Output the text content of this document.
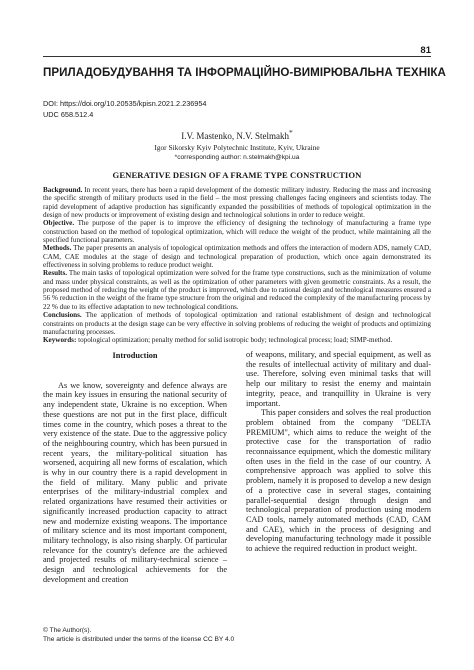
81
ПРИЛАДОБУДУВАННЯ ТА ІНФОРМАЦІЙНО-ВИМІРЮВАЛЬНА ТЕХНІКА
DOI: https://doi.org/10.20535/kpisn.2021.2.236954
UDC 658.512.4
I.V. Mastenko, N.V. Stelmakh*
Igor Sikorsky Kyiv Polytechnic Institute, Kyiv, Ukraine
*corresponding author: n.stelmakh@kpi.ua
GENERATIVE DESIGN OF A FRAME TYPE CONSTRUCTION

Background. In recent years, there has been a rapid development of the domestic military industry. Reducing the mass and increasing the specific strength of military products used in the field – the most pressing challenges facing engineers and scientists today. The rapid development of adaptive production has significantly expanded the possibilities of methods of topological optimization in the design of new products or improvement of existing design and technological solutions in order to reduce weight.

Objective. The purpose of the paper is to improve the efficiency of designing the technology of manufacturing a frame type construction based on the method of topological optimization, which will reduce the weight of the product, while maintaining all the specified functional parameters.

Methods. The paper presents an analysis of topological optimization methods and offers the interaction of modern ADS, namely CAD, CAM, CAE modules at the stage of design and technological preparation of production, which once again demonstrated its effectiveness in solving problems to reduce product weight.

Results. The main tasks of topological optimization were solved for the frame type constructions, such as the minimization of volume and mass under physical constraints, as well as the optimization of other parameters with given geometric constraints. As a result, the proposed method of reducing the weight of the product is improved, which due to rational design and technological measures ensured a 56 % reduction in the weight of the frame type structure from the original and reduced the complexity of the manufacturing process by 22 % due to its effective adaptation to new technological conditions.

Conclusions. The application of methods of topological optimization and rational establishment of design and technological constraints on products at the design stage can be very effective in solving problems of reducing the weight of products and optimizing manufacturing processes.

Keywords: topological optimization; penalty method for solid isotropic body; technological process; load; SIMP-method.

Introduction

As we know, sovereignty and defence always are the main key issues in ensuring the national security of any independent state, Ukraine is no exception. When these questions are not put in the first place, difficult times come in the country, which poses a threat to the very existence of the state. Due to the aggressive policy of the neighbouring country, which has been pursued in recent years, the military-political situation has worsened, acquiring all new forms of escalation, which is why in our country there is a rapid development in the field of military. Many public and private enterprises of the military-industrial complex and related organizations have resumed their activities or significantly increased production capacity to attract new and modernize existing weapons. The importance of military science and its most important component, military technology, is also rising sharply. Of particular relevance for the country's defence are the achieved and projected results of military-technical science – design and technological achievements for the development and creation

of weapons, military, and special equipment, as well as the results of intellectual activity of military and dual-use. Therefore, solving even minimal tasks that will help our military to resist the enemy and maintain integrity, peace, and tranquillity in Ukraine is very important.

This paper considers and solves the real production problem obtained from the company "DELTA PREMIUM", which aims to reduce the weight of the protective case for the transportation of radio reconnaissance equipment, which the domestic military often uses in the field in the case of our country. A comprehensive approach was applied to solve this problem, namely it is proposed to develop a new design of a protective case in several stages, containing parallel-sequential design through design and technological preparation of production using modern CAD tools, namely automated methods (CAD, CAM and CAE), which in the process of designing and developing manufacturing technology made it possible to achieve the required reduction in product weight.

© The Author(s).
The article is distributed under the terms of the license CC BY 4.0
